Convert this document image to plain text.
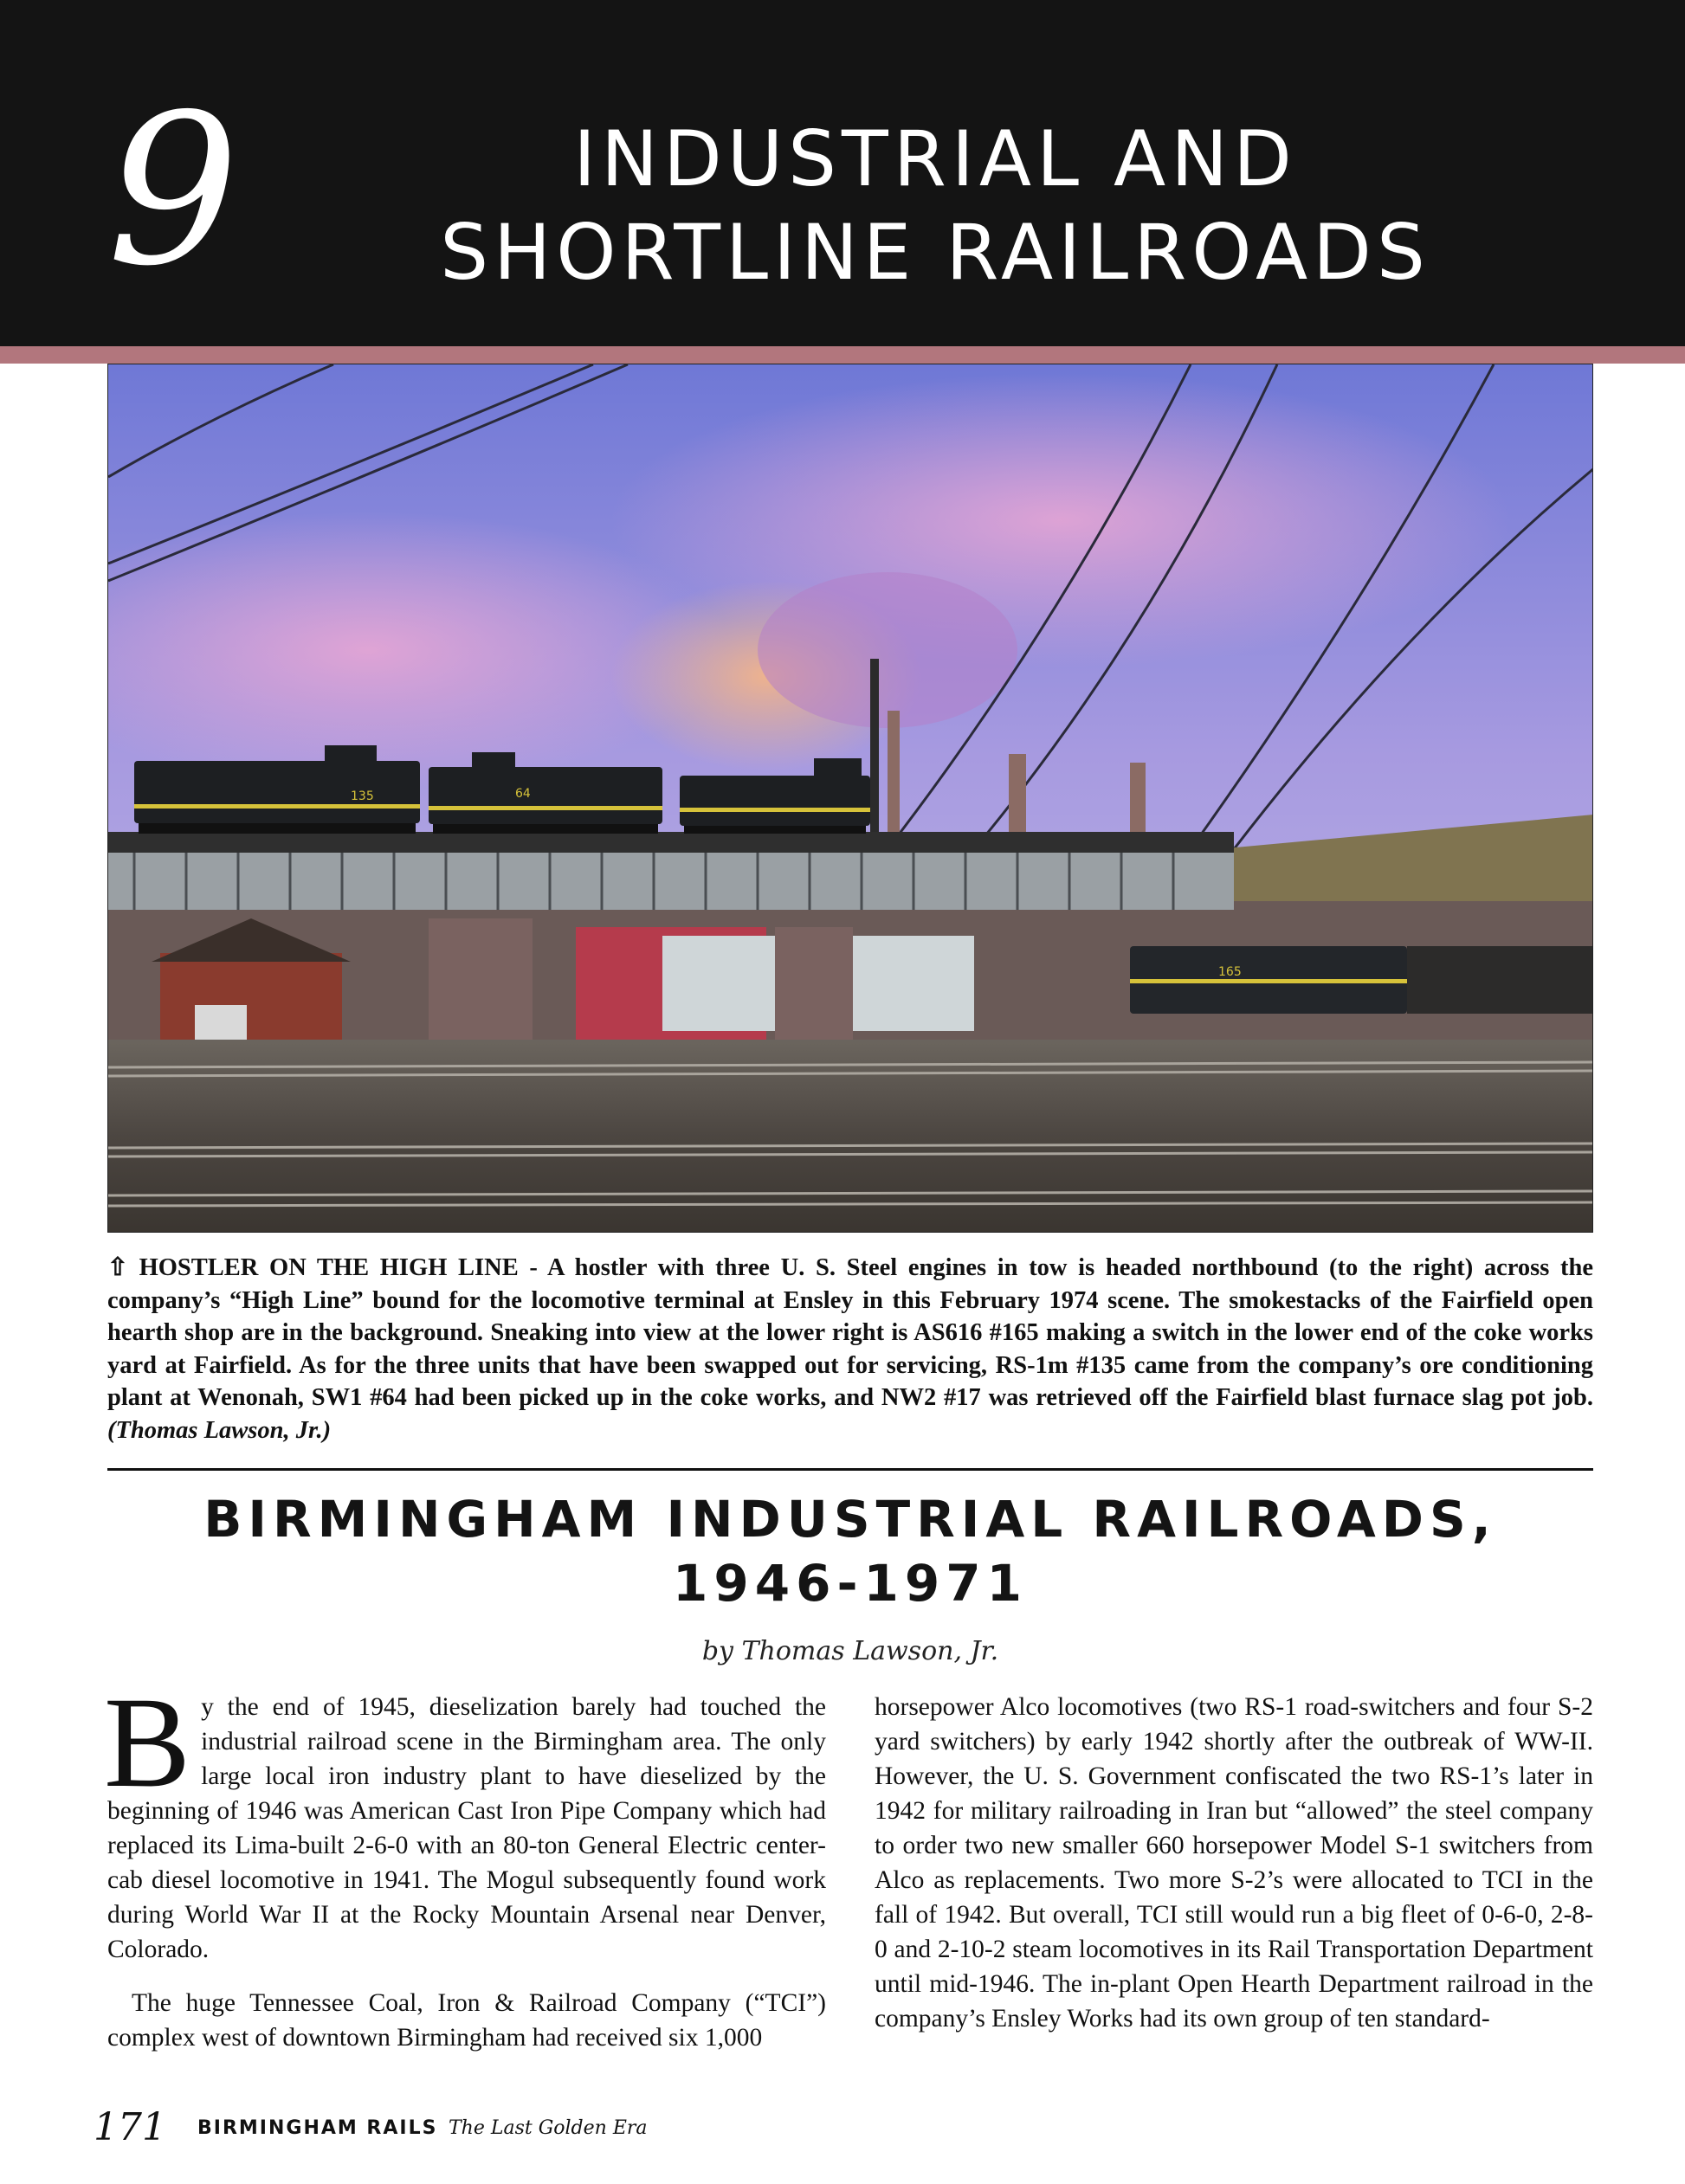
9	INDUSTRIAL AND
SHORTLINE RAILROADS
135	64
165
⇧ HOSTLER ON THE HIGH LINE - A hostler with three U. S. Steel engines in tow is headed northbound (to the right) across the company’s “High Line” bound for the locomotive terminal at Ensley in this February 1974 scene. The smokestacks of the Fairfield open hearth shop are in the background. Sneaking into view at the lower right is AS616 #165 making a switch in the lower end of the coke works yard at Fairfield. As for the three units that have been swapped out for servicing, RS-1m #135 came from the company’s ore conditioning plant at Wenonah, SW1 #64 had been picked up in the coke works, and NW2 #17 was retrieved off the Fairfield blast furnace slag pot job. (Thomas Lawson, Jr.)
BIRMINGHAM INDUSTRIAL RAILROADS,
1946-1971
by Thomas Lawson, Jr.

By the end of 1945, dieselization barely had touched the industrial railroad scene in the Birmingham area. The only large local iron industry plant to have dieselized by the beginning of 1946 was American Cast Iron Pipe Company which had replaced its Lima-built 2-6-0 with an 80-ton General Electric center-cab diesel locomotive in 1941. The Mogul subsequently found work during World War II at the Rocky Mountain Arsenal near Denver, Colorado.

The huge Tennessee Coal, Iron & Railroad Company (“TCI”) complex west of downtown Birmingham had received six 1,000

horsepower Alco locomotives (two RS-1 road-switchers and four S-2 yard switchers) by early 1942 shortly after the outbreak of WW-II. However, the U. S. Government confiscated the two RS-1’s later in 1942 for military railroading in Iran but “allowed” the steel company to order two new smaller 660 horsepower Model S-1 switchers from Alco as replacements. Two more S-2’s were allocated to TCI in the fall of 1942. But overall, TCI still would run a big fleet of 0-6-0, 2-8-0 and 2-10-2 steam locomotives in its Rail Transportation Department until mid-1946. The in-plant Open Hearth Department railroad in the company’s Ensley Works had its own group of ten standard-

171 BIRMINGHAM RAILS The Last Golden Era
